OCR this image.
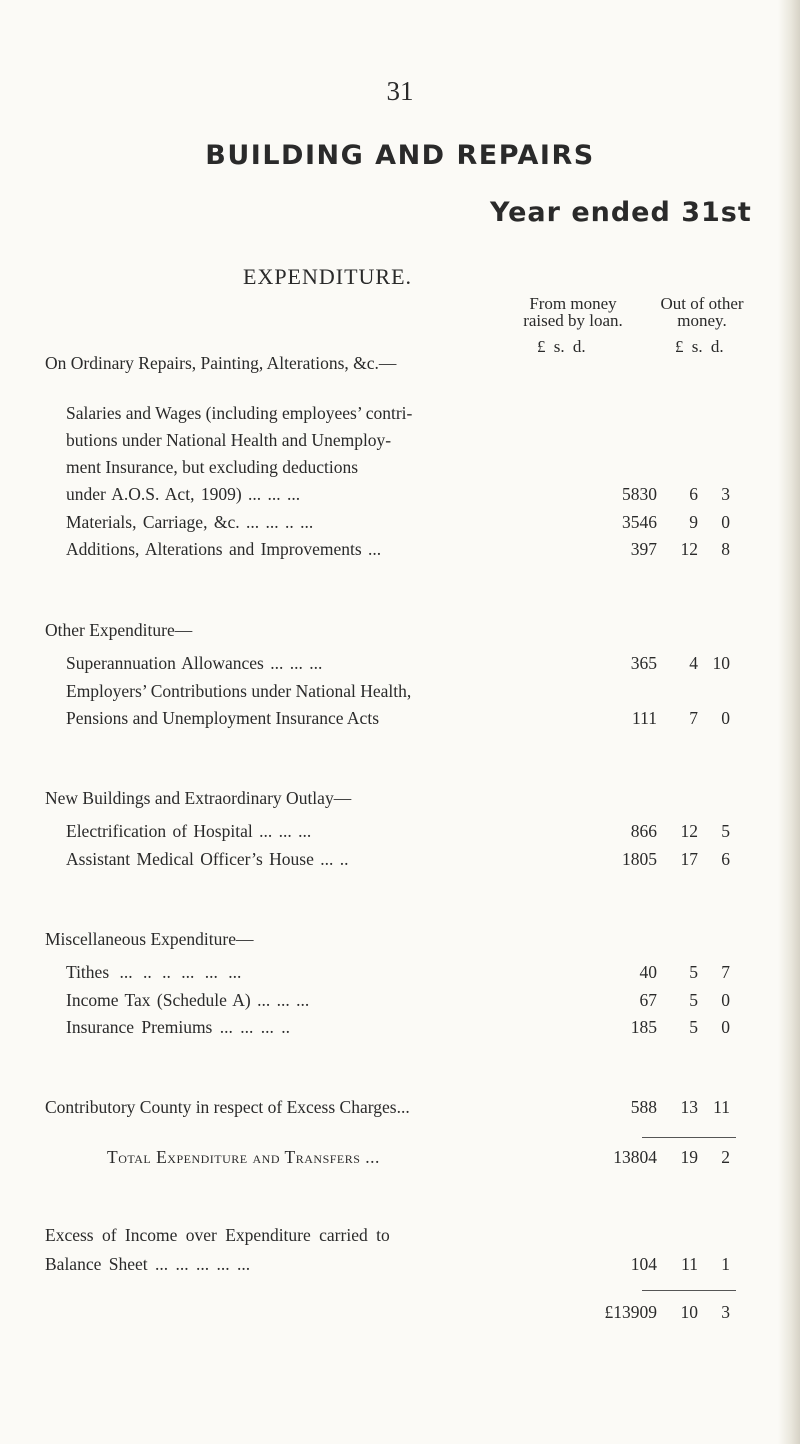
31
BUILDING AND REPAIRS
Year ended 31st
EXPENDITURE.
From money
raised by loan.
Out of other
money.
£ s. d.	£ s. d.
On Ordinary Repairs, Painting, Alterations, &c.—
Salaries and Wages (including employees’ contri-
butions under National Health and Unemploy-
ment Insurance, but excluding deductions
under A.O.S. Act, 1909) ... ... ...	5830 6 3
Materials, Carriage, &c. ... ... .. ...	3546 9 0
Additions, Alterations and Improvements ...	397 12 8
Other Expenditure—
Superannuation Allowances ... ... ...	365 4 10
Employers’ Contributions under National Health,
Pensions and Unemployment Insurance Acts	111 7 0
New Buildings and Extraordinary Outlay—
Electrification of Hospital ... ... ...	866 12 5
Assistant Medical Officer’s House ... ..	1805 17 6
Miscellaneous Expenditure—
Tithes ... .. .. ... ... ...	40 5 7
Income Tax (Schedule A) ... ... ...	67 5 0
Insurance Premiums ... ... ... ..	185 5 0
Contributory County in respect of Excess Charges...	588 13 11
Total Expenditure and Transfers ...	13804 19 2
Excess of Income over Expenditure carried to
Balance Sheet ... ... ... ... ...	104 11 1
£13909 10 3
